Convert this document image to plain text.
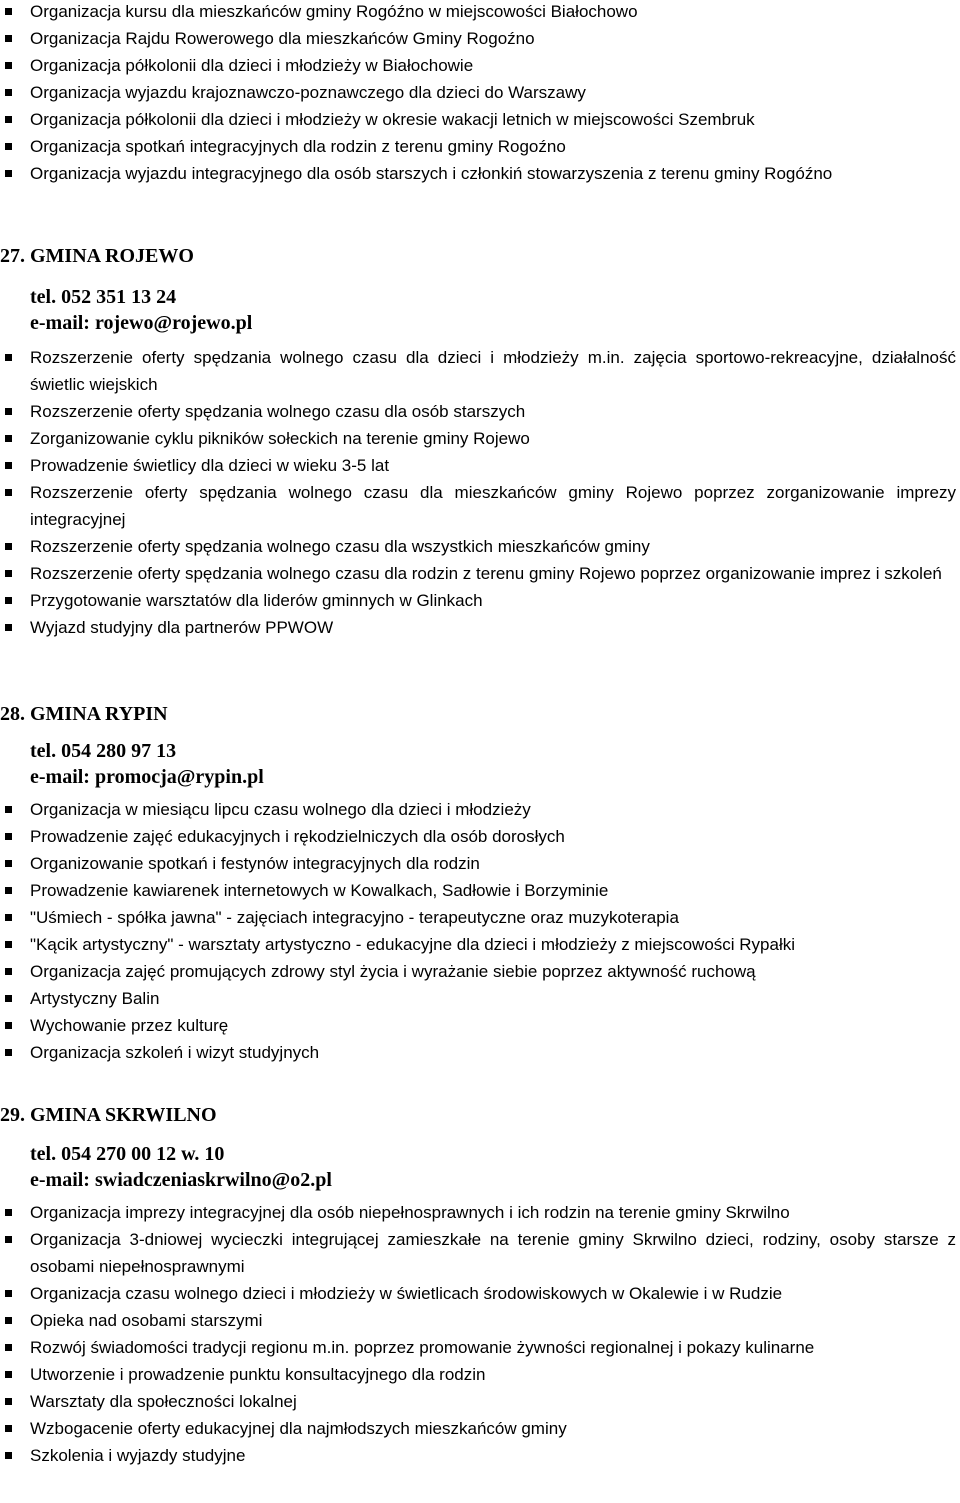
Organizacja kursu dla mieszkańców gminy Rogóźno w miejscowości Białochowo
Organizacja Rajdu Rowerowego dla mieszkańców Gminy Rogoźno
Organizacja półkolonii dla dzieci i młodzieży w Białochowie
Organizacja wyjazdu krajoznawczo-poznawczego dla dzieci do Warszawy
Organizacja półkolonii dla dzieci i młodzieży w okresie wakacji letnich w miejscowości Szembruk
Organizacja spotkań integracyjnych dla rodzin z terenu gminy Rogoźno
Organizacja wyjazdu integracyjnego dla osób starszych i członkiń stowarzyszenia z terenu gminy Rogóźno
27. GMINA ROJEWO
tel. 052 351 13 24
e-mail: rojewo@rojewo.pl
Rozszerzenie oferty spędzania wolnego czasu dla dzieci i młodzieży m.in. zajęcia sportowo-rekreacyjne, działalność świetlic wiejskich
Rozszerzenie oferty spędzania wolnego czasu dla osób starszych
Zorganizowanie cyklu pikników sołeckich na terenie gminy Rojewo
Prowadzenie świetlicy dla dzieci w wieku 3-5 lat
Rozszerzenie oferty spędzania wolnego czasu dla mieszkańców gminy Rojewo poprzez zorganizowanie imprezy integracyjnej
Rozszerzenie oferty spędzania wolnego czasu dla wszystkich mieszkańców gminy
Rozszerzenie oferty spędzania wolnego czasu dla rodzin z terenu gminy Rojewo poprzez organizowanie imprez i szkoleń
Przygotowanie warsztatów dla liderów gminnych w Glinkach
Wyjazd studyjny dla partnerów PPWOW
28. GMINA RYPIN
tel. 054 280 97 13
e-mail: promocja@rypin.pl
Organizacja w miesiącu lipcu czasu wolnego dla dzieci i młodzieży
Prowadzenie zajęć edukacyjnych i rękodzielniczych dla osób dorosłych
Organizowanie spotkań i festynów integracyjnych dla rodzin
Prowadzenie kawiarenek internetowych w Kowalkach, Sadłowie i Borzyminie
"Uśmiech - spółka jawna" - zajęciach integracyjno - terapeutyczne oraz muzykoterapia
"Kącik artystyczny" - warsztaty artystyczno - edukacyjne dla dzieci i młodzieży z miejscowości Rypałki
Organizacja zajęć promujących zdrowy styl życia i wyrażanie siebie poprzez aktywność ruchową
Artystyczny Balin
Wychowanie przez kulturę
Organizacja szkoleń i wizyt studyjnych
29. GMINA SKRWILNO
tel. 054 270 00 12 w. 10
e-mail: swiadczeniaskrwilno@o2.pl
Organizacja imprezy integracyjnej dla osób niepełnosprawnych i ich rodzin na terenie gminy Skrwilno
Organizacja 3-dniowej wycieczki integrującej zamieszkałe na terenie gminy Skrwilno dzieci, rodziny, osoby starsze z osobami niepełnosprawnymi
Organizacja czasu wolnego dzieci i młodzieży w świetlicach środowiskowych w Okalewie i w Rudzie
Opieka nad osobami starszymi
Rozwój świadomości tradycji regionu m.in. poprzez promowanie żywności regionalnej i pokazy kulinarne
Utworzenie i prowadzenie punktu konsultacyjnego dla rodzin
Warsztaty dla społeczności lokalnej
Wzbogacenie oferty edukacyjnej dla najmłodszych mieszkańców gminy
Szkolenia i wyjazdy studyjne
